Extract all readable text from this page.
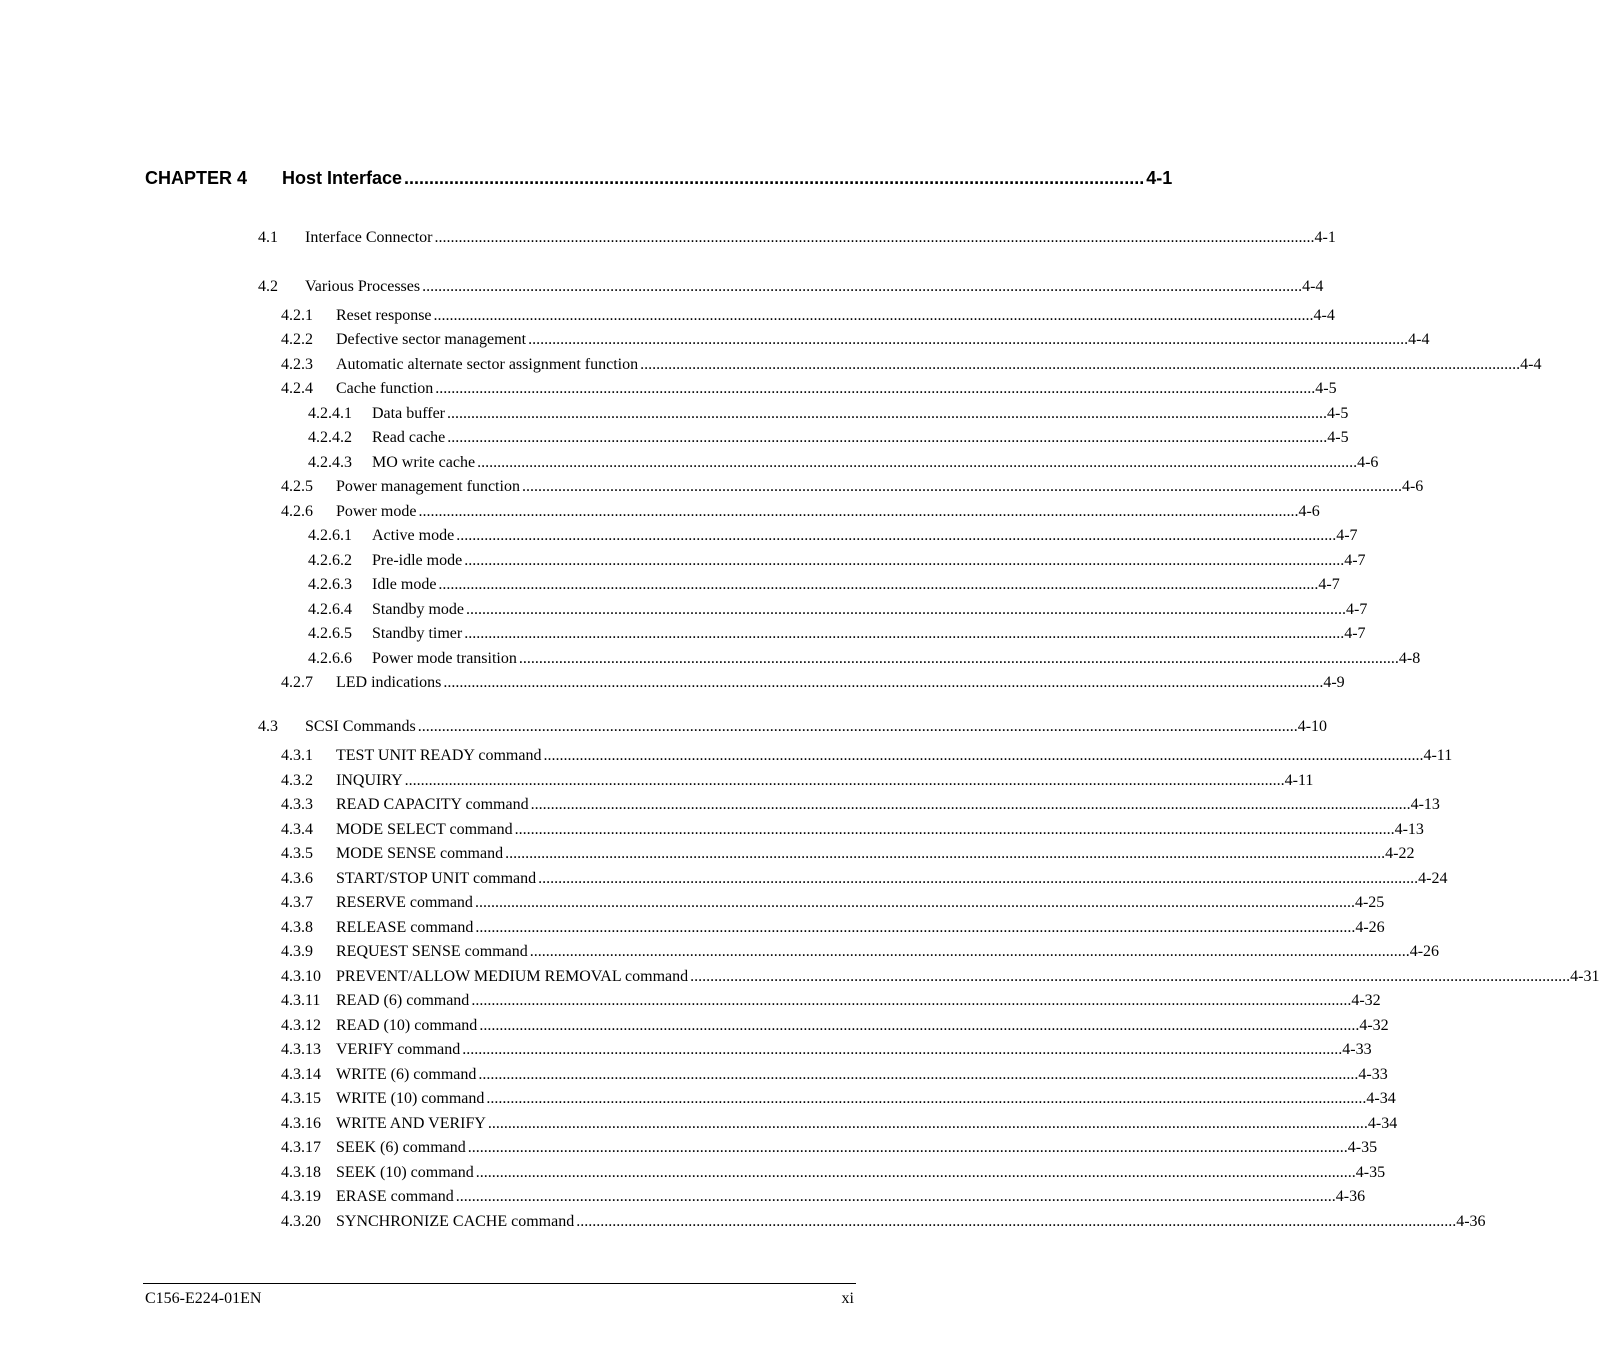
CHAPTER 4	Host Interface .................................................................................................................................................... 4-1
4.1	Interface Connector ............................................................................................................................................................................................................................ 4-1
4.2	Various Processes ............................................................................................................................................................................................................................ 4-4
4.2.1	Reset response ............................................................................................................................................................................................................................ 4-4
4.2.2	Defective sector management ............................................................................................................................................................................................................................ 4-4
4.2.3	Automatic alternate sector assignment function ............................................................................................................................................................................................................................ 4-4
4.2.4	Cache function ............................................................................................................................................................................................................................ 4-5
4.2.4.1	Data buffer ............................................................................................................................................................................................................................ 4-5
4.2.4.2	Read cache ............................................................................................................................................................................................................................ 4-5
4.2.4.3	MO write cache ............................................................................................................................................................................................................................ 4-6
4.2.5	Power management function ............................................................................................................................................................................................................................ 4-6
4.2.6	Power mode ............................................................................................................................................................................................................................ 4-6
4.2.6.1	Active mode ............................................................................................................................................................................................................................ 4-7
4.2.6.2	Pre-idle mode ............................................................................................................................................................................................................................ 4-7
4.2.6.3	Idle mode ............................................................................................................................................................................................................................ 4-7
4.2.6.4	Standby mode ............................................................................................................................................................................................................................ 4-7
4.2.6.5	Standby timer ............................................................................................................................................................................................................................ 4-7
4.2.6.6	Power mode transition ............................................................................................................................................................................................................................ 4-8
4.2.7	LED indications ............................................................................................................................................................................................................................ 4-9
4.3	SCSI Commands ............................................................................................................................................................................................................................ 4-10
4.3.1	TEST UNIT READY command ............................................................................................................................................................................................................................ 4-11
4.3.2	INQUIRY ............................................................................................................................................................................................................................ 4-11
4.3.3	READ CAPACITY command ............................................................................................................................................................................................................................ 4-13
4.3.4	MODE SELECT command ............................................................................................................................................................................................................................ 4-13
4.3.5	MODE SENSE command ............................................................................................................................................................................................................................ 4-22
4.3.6	START/STOP UNIT command ............................................................................................................................................................................................................................ 4-24
4.3.7	RESERVE command ............................................................................................................................................................................................................................ 4-25
4.3.8	RELEASE command ............................................................................................................................................................................................................................ 4-26
4.3.9	REQUEST SENSE command ............................................................................................................................................................................................................................ 4-26
4.3.10 PREVENT/ALLOW MEDIUM REMOVAL command ............................................................................................................................................................................................................................ 4-31
4.3.11 READ (6) command ............................................................................................................................................................................................................................ 4-32
4.3.12 READ (10) command ............................................................................................................................................................................................................................ 4-32
4.3.13 VERIFY command ............................................................................................................................................................................................................................ 4-33
4.3.14 WRITE (6) command ............................................................................................................................................................................................................................ 4-33
4.3.15 WRITE (10) command ............................................................................................................................................................................................................................ 4-34
4.3.16 WRITE AND VERIFY ............................................................................................................................................................................................................................ 4-34
4.3.17 SEEK (6) command ............................................................................................................................................................................................................................ 4-35
4.3.18 SEEK (10) command ............................................................................................................................................................................................................................ 4-35
4.3.19 ERASE command ............................................................................................................................................................................................................................ 4-36
4.3.20 SYNCHRONIZE CACHE command ............................................................................................................................................................................................................................ 4-36
C156-E224-01EN	xi
